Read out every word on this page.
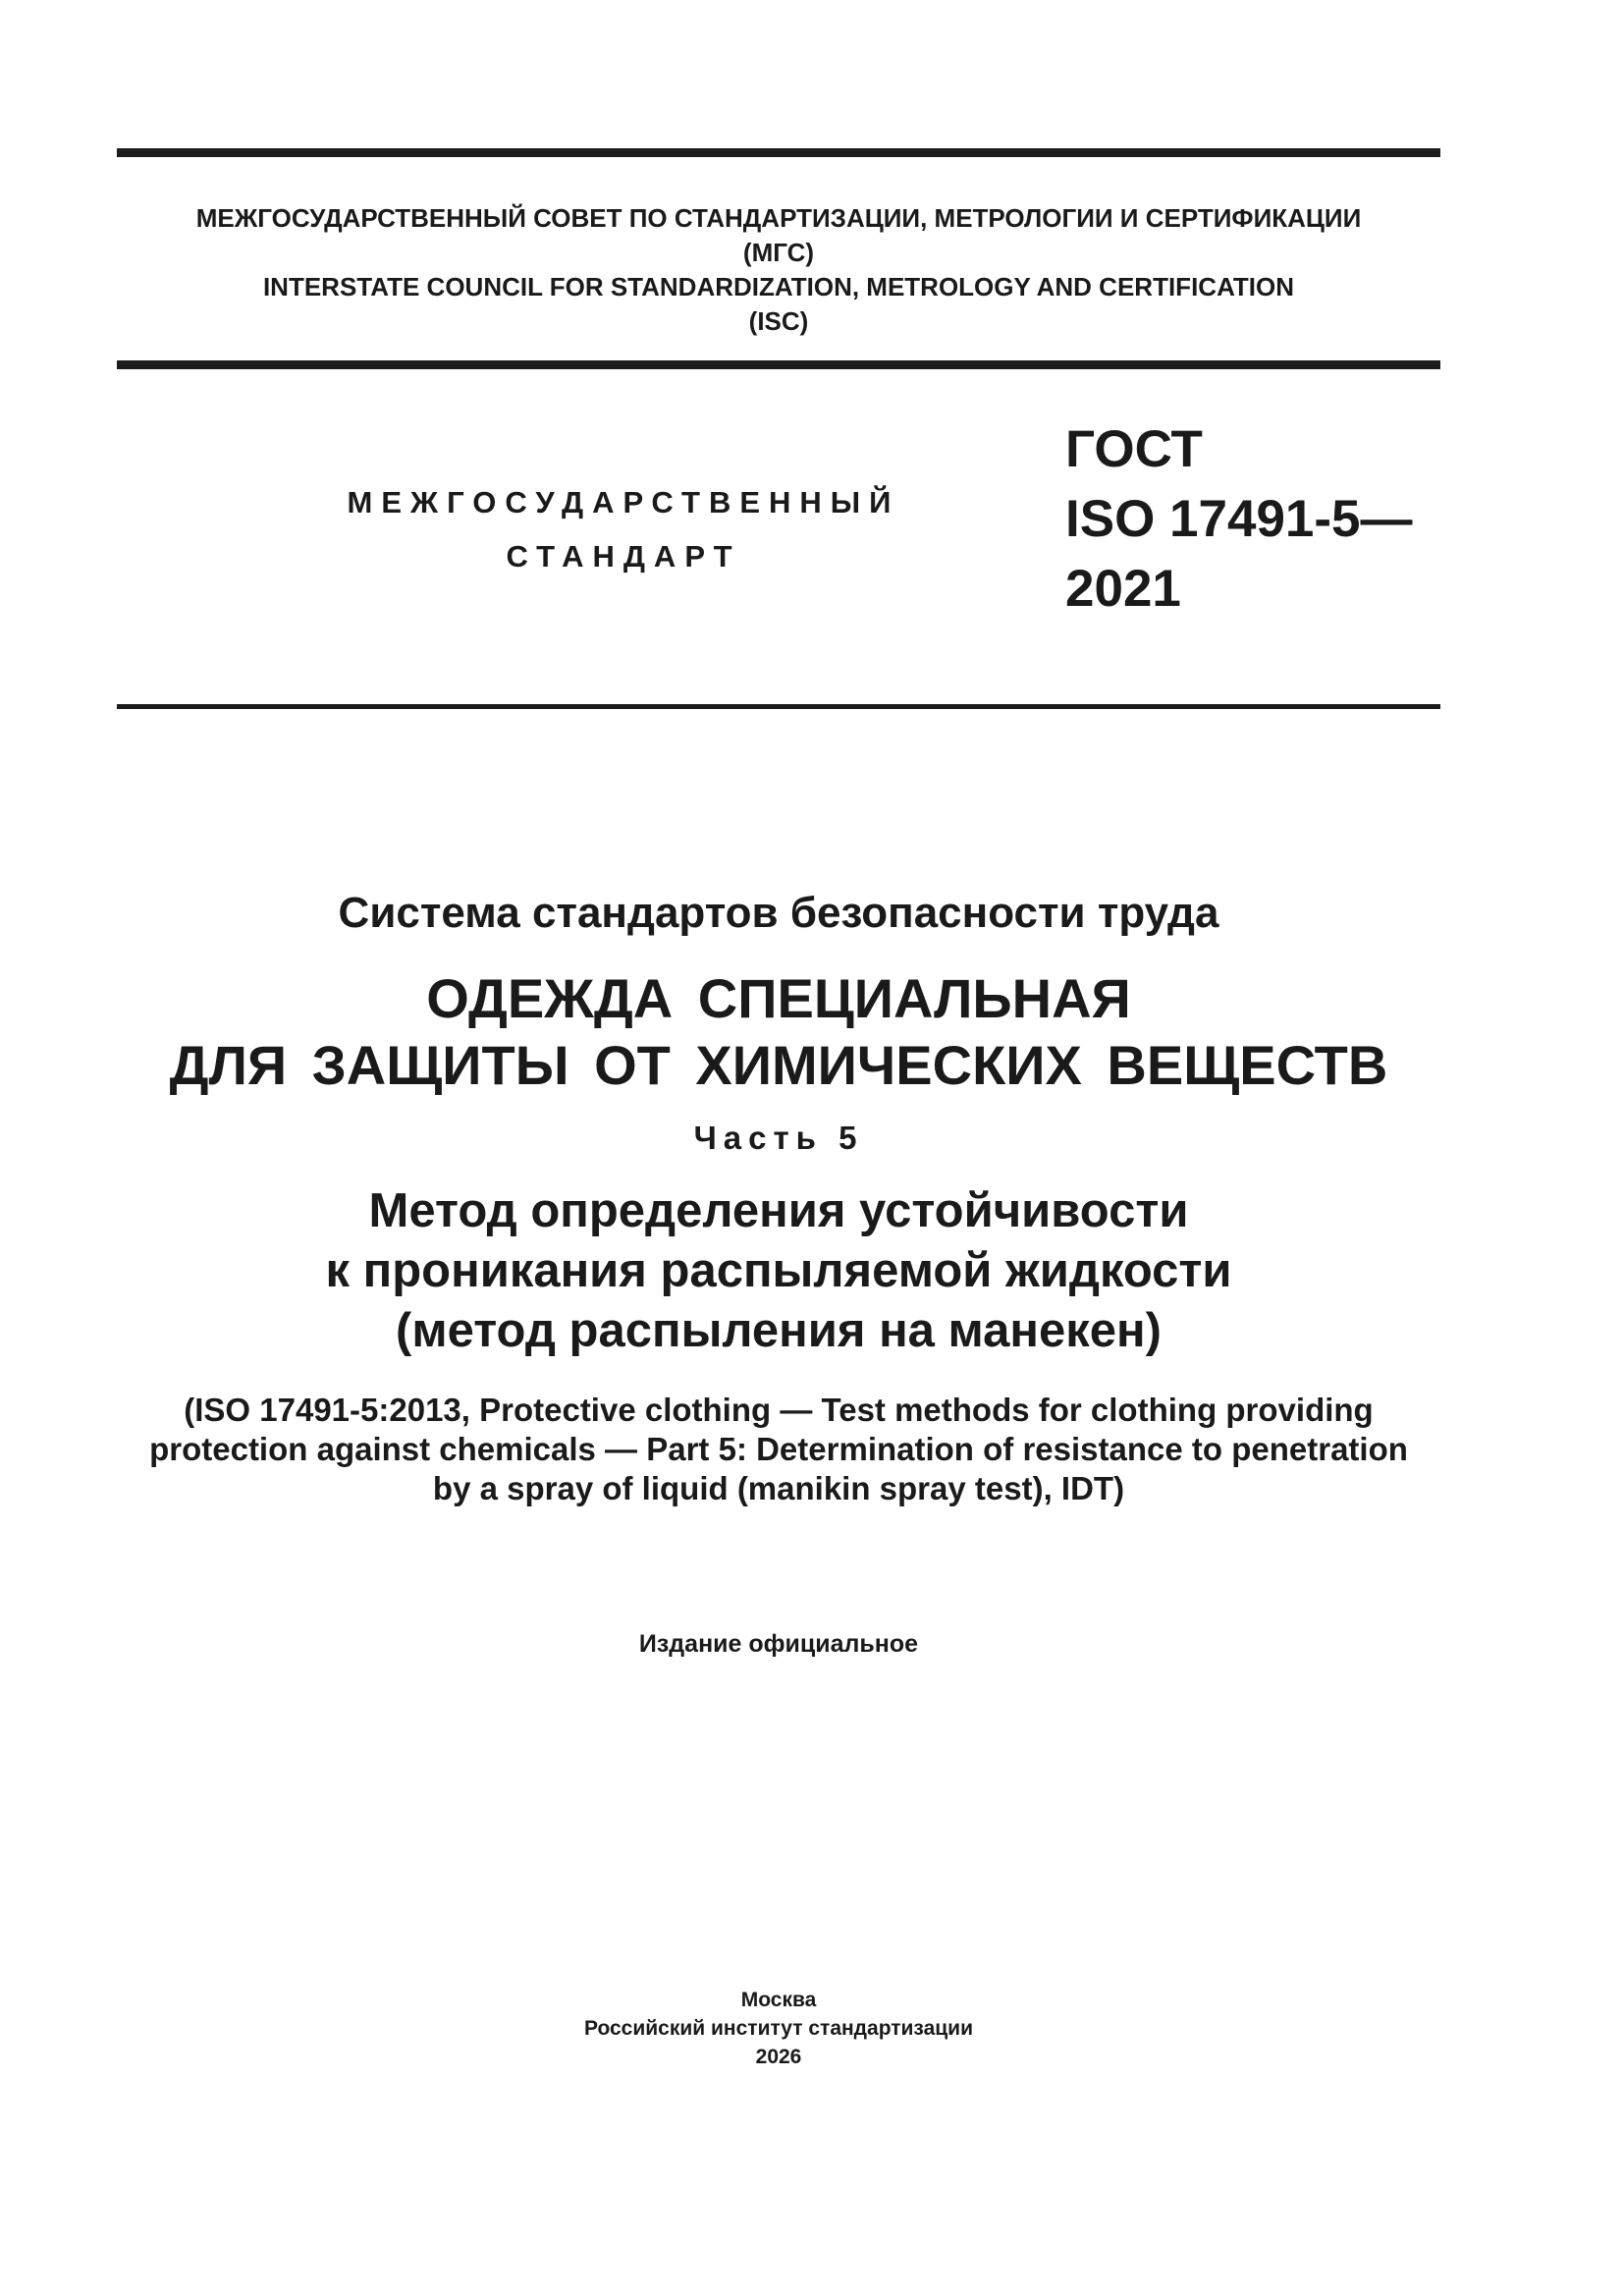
МЕЖГОСУДАРСТВЕННЫЙ СОВЕТ ПО СТАНДАРТИЗАЦИИ, МЕТРОЛОГИИ И СЕРТИФИКАЦИИ
(МГС)
INTERSTATE COUNCIL FOR STANDARDIZATION, METROLOGY AND CERTIFICATION
(ISC)
МЕЖГОСУДАРСТВЕННЫЙ
СТАНДАРТ
ГОСТ
ISO 17491-5—
2021
Система стандартов безопасности труда
ОДЕЖДА СПЕЦИАЛЬНАЯ
ДЛЯ ЗАЩИТЫ ОТ ХИМИЧЕСКИХ ВЕЩЕСТВ
Часть 5
Метод определения устойчивости
к проникания распыляемой жидкости
(метод распыления на манекен)
(ISO 17491-5:2013, Protective clothing — Test methods for clothing providing
protection against chemicals — Part 5: Determination of resistance to penetration
by a spray of liquid (manikin spray test), IDT)
Издание официальное
Москва
Российский институт стандартизации
2026
